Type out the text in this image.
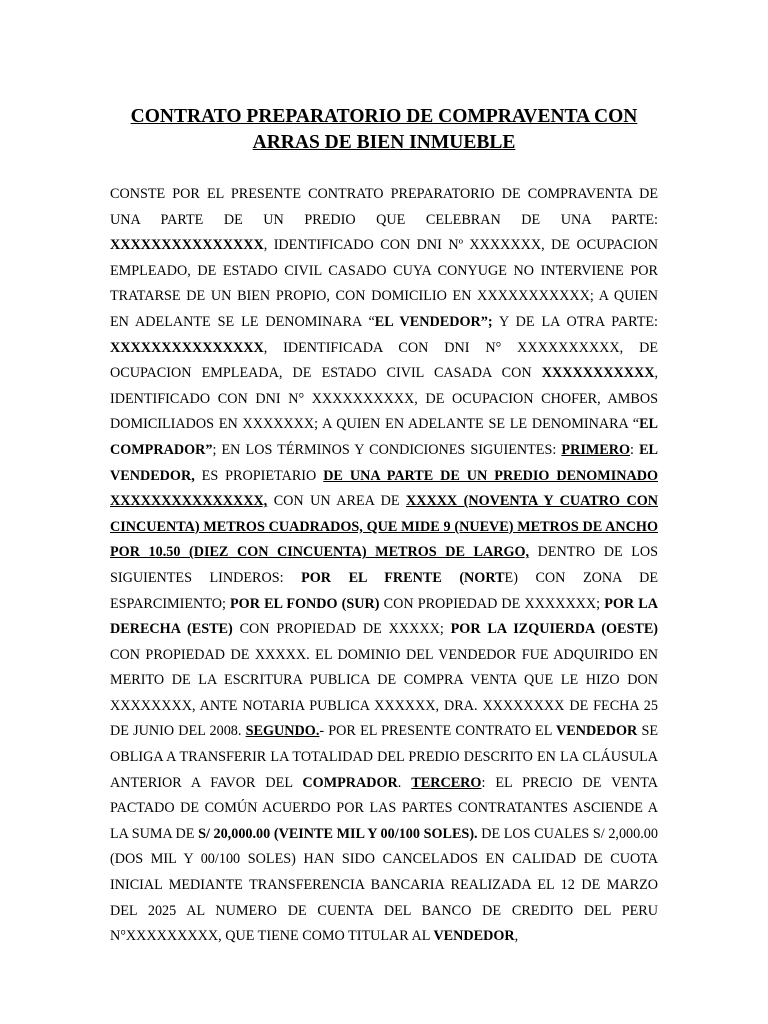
CONTRATO PREPARATORIO DE COMPRAVENTA CON
ARRAS DE BIEN INMUEBLE

CONSTE POR EL PRESENTE CONTRATO PREPARATORIO DE COMPRAVENTA DE UNA PARTE DE UN PREDIO QUE CELEBRAN DE UNA PARTE: XXXXXXXXXXXXXXX, IDENTIFICADO CON DNI Nº XXXXXXX, DE OCUPACION EMPLEADO, DE ESTADO CIVIL CASADO CUYA CONYUGE NO INTERVIENE POR TRATARSE DE UN BIEN PROPIO, CON DOMICILIO EN XXXXXXXXXXX; A QUIEN EN ADELANTE SE LE DENOMINARA “EL VENDEDOR”; Y DE LA OTRA PARTE: XXXXXXXXXXXXXXX, IDENTIFICADA CON DNI N° XXXXXXXXXX, DE OCUPACION EMPLEADA, DE ESTADO CIVIL CASADA CON XXXXXXXXXXX, IDENTIFICADO CON DNI N° XXXXXXXXXX, DE OCUPACION CHOFER, AMBOS DOMICILIADOS EN XXXXXXX; A QUIEN EN ADELANTE SE LE DENOMINARA “EL COMPRADOR”; EN LOS TÉRMINOS Y CONDICIONES SIGUIENTES: PRIMERO: EL VENDEDOR, ES PROPIETARIO DE UNA PARTE DE UN PREDIO DENOMINADO XXXXXXXXXXXXXXX, CON UN AREA DE XXXXX (NOVENTA Y CUATRO CON CINCUENTA) METROS CUADRADOS, QUE MIDE 9 (NUEVE) METROS DE ANCHO POR 10.50 (DIEZ CON CINCUENTA) METROS DE LARGO, DENTRO DE LOS SIGUIENTES LINDEROS: POR EL FRENTE (NORTE) CON ZONA DE ESPARCIMIENTO; POR EL FONDO (SUR) CON PROPIEDAD DE XXXXXXX; POR LA DERECHA (ESTE) CON PROPIEDAD DE XXXXX; POR LA IZQUIERDA (OESTE) CON PROPIEDAD DE XXXXX. EL DOMINIO DEL VENDEDOR FUE ADQUIRIDO EN MERITO DE LA ESCRITURA PUBLICA DE COMPRA VENTA QUE LE HIZO DON XXXXXXXX, ANTE NOTARIA PUBLICA XXXXXX, DRA. XXXXXXXX DE FECHA 25 DE JUNIO DEL 2008. SEGUNDO.- POR EL PRESENTE CONTRATO EL VENDEDOR SE OBLIGA A TRANSFERIR LA TOTALIDAD DEL PREDIO DESCRITO EN LA CLÁUSULA ANTERIOR A FAVOR DEL COMPRADOR. TERCERO: EL PRECIO DE VENTA PACTADO DE COMÚN ACUERDO POR LAS PARTES CONTRATANTES ASCIENDE A LA SUMA DE S/ 20,000.00 (VEINTE MIL Y 00/100 SOLES). DE LOS CUALES S/ 2,000.00 (DOS MIL Y 00/100 SOLES) HAN SIDO CANCELADOS EN CALIDAD DE CUOTA INICIAL MEDIANTE TRANSFERENCIA BANCARIA REALIZADA EL 12 DE MARZO DEL 2025 AL NUMERO DE CUENTA DEL BANCO DE CREDITO DEL PERU N°XXXXXXXXX, QUE TIENE COMO TITULAR AL VENDEDOR,
